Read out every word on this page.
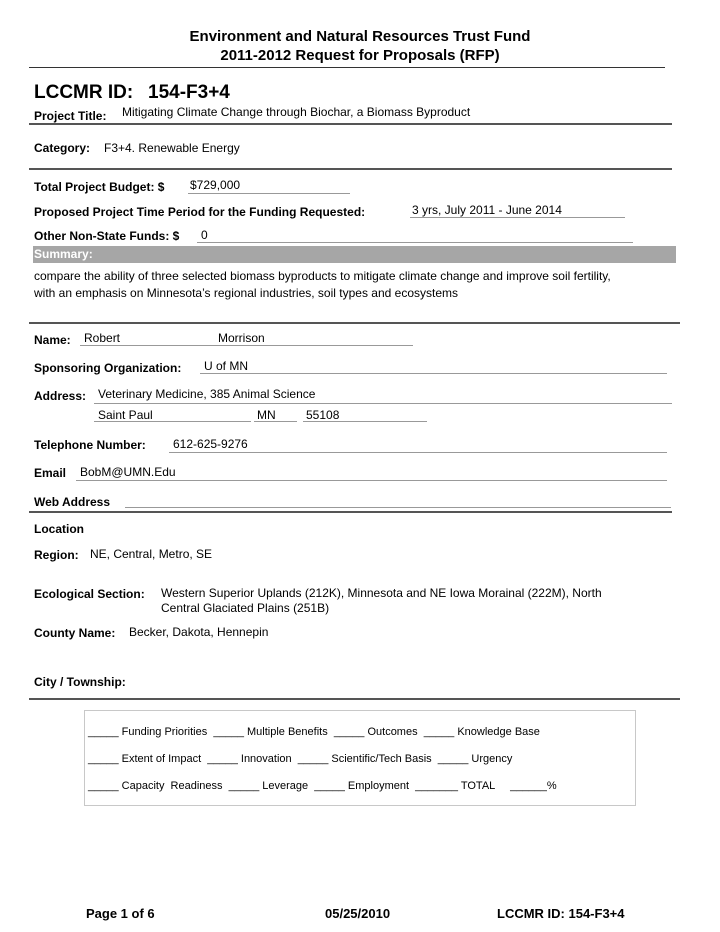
Environment and Natural Resources Trust Fund
2011-2012 Request for Proposals (RFP)
LCCMR ID: 154-F3+4
Project Title: Mitigating Climate Change through Biochar, a Biomass Byproduct
Category: F3+4. Renewable Energy
Total Project Budget: $ $729,000
Proposed Project Time Period for the Funding Requested:	3 yrs, July 2011 - June 2014
Other Non-State Funds: $ 0
Summary:
compare the ability of three selected biomass byproducts to mitigate climate change and improve soil fertility,
with an emphasis on Minnesota’s regional industries, soil types and ecosystems
Name: Robert	Morrison
Sponsoring Organization: U of MN
Address: Veterinary Medicine, 385 Animal Science
Saint Paul	MN	55108
Telephone Number: 612-625-9276
Email BobM@UMN.Edu
Web Address
Location
Region: NE, Central, Metro, SE
Ecological Section: Western Superior Uplands (212K), Minnesota and NE Iowa Morainal (222M), North
Central Glaciated Plains (251B)
County Name: Becker, Dakota, Hennepin
City / Township:
_____ Funding Priorities  _____ Multiple Benefits  _____ Outcomes  _____ Knowledge Base
_____ Extent of Impact  _____ Innovation  _____ Scientific/Tech Basis  _____ Urgency
_____ Capacity  Readiness  _____ Leverage  _____ Employment  _______ TOTAL     ______%
Page 1 of 6	05/25/2010	LCCMR ID: 154-F3+4
